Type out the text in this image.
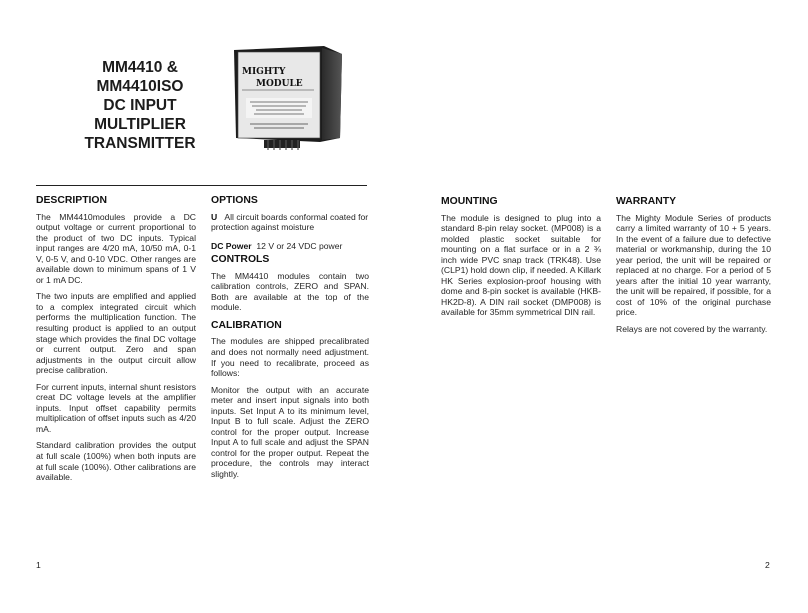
MM4410 &
MM4410ISO
DC INPUT
MULTIPLIER
TRANSMITTER
MIGHTY
MODULE
DESCRIPTION

The MM4410modules provide a DC output voltage or current proportional to the product of two DC inputs. Typical input ranges are 4/20 mA, 10/50 mA, 0-1 V, 0-5 V, and 0-10 VDC. Other ranges are available down to minimum spans of 1 V or 1 mA DC.

The two inputs are emplified and applied to a complex integrated circuit which performs the multiplication function. The resulting product is applied to an output stage which provides the final DC voltage or current output. Zero and span adjustments in the output circuit allow precise calibration.

For current inputs, internal shunt resistors creat DC voltage levels at the amplifier inputs. Input offset capability permits multiplication of offset inputs such as 4/20 mA.

Standard calibration provides the output at full scale (100%) when both inputs are at full scale (100%). Other calibrations are available.

OPTIONS
U All circuit boards conformal coated for protection against moisture
DC Power 12 V or 24 VDC power
CONTROLS

The MM4410 modules contain two calibration controls, ZERO and SPAN. Both are available at the top of the module.

CALIBRATION

The modules are shipped precalibrated and does not normally need adjustment. If you need to recalibrate, proceed as follows:

Monitor the output with an accurate meter and insert input signals into both inputs. Set Input A to its minimum level, Input B to full scale. Adjust the ZERO control for the proper output. Increase Input A to full scale and adjust the SPAN control for the proper output. Repeat the procedure, the controls may interact slightly.

MOUNTING

The module is designed to plug into a standard 8-pin relay socket. (MP008) is a molded plastic socket suitable for mounting on a flat surface or in a 2 ¾ inch wide PVC snap track (TRK48). Use (CLP1) hold down clip, if needed. A Killark HK Series explosion-proof housing with dome and 8-pin socket is available (HKB-HK2D-8). A DIN rail socket (DMP008) is available for 35mm symmetrical DIN rail.

WARRANTY

The Mighty Module Series of products carry a limited warranty of 10 + 5 years. In the event of a failure due to defective material or workmanship, during the 10 year period, the unit will be repaired or replaced at no charge. For a period of 5 years after the initial 10 year warranty, the unit will be repaired, if possible, for a cost of 10% of the original purchase price.

Relays are not covered by the warranty.

1	2
